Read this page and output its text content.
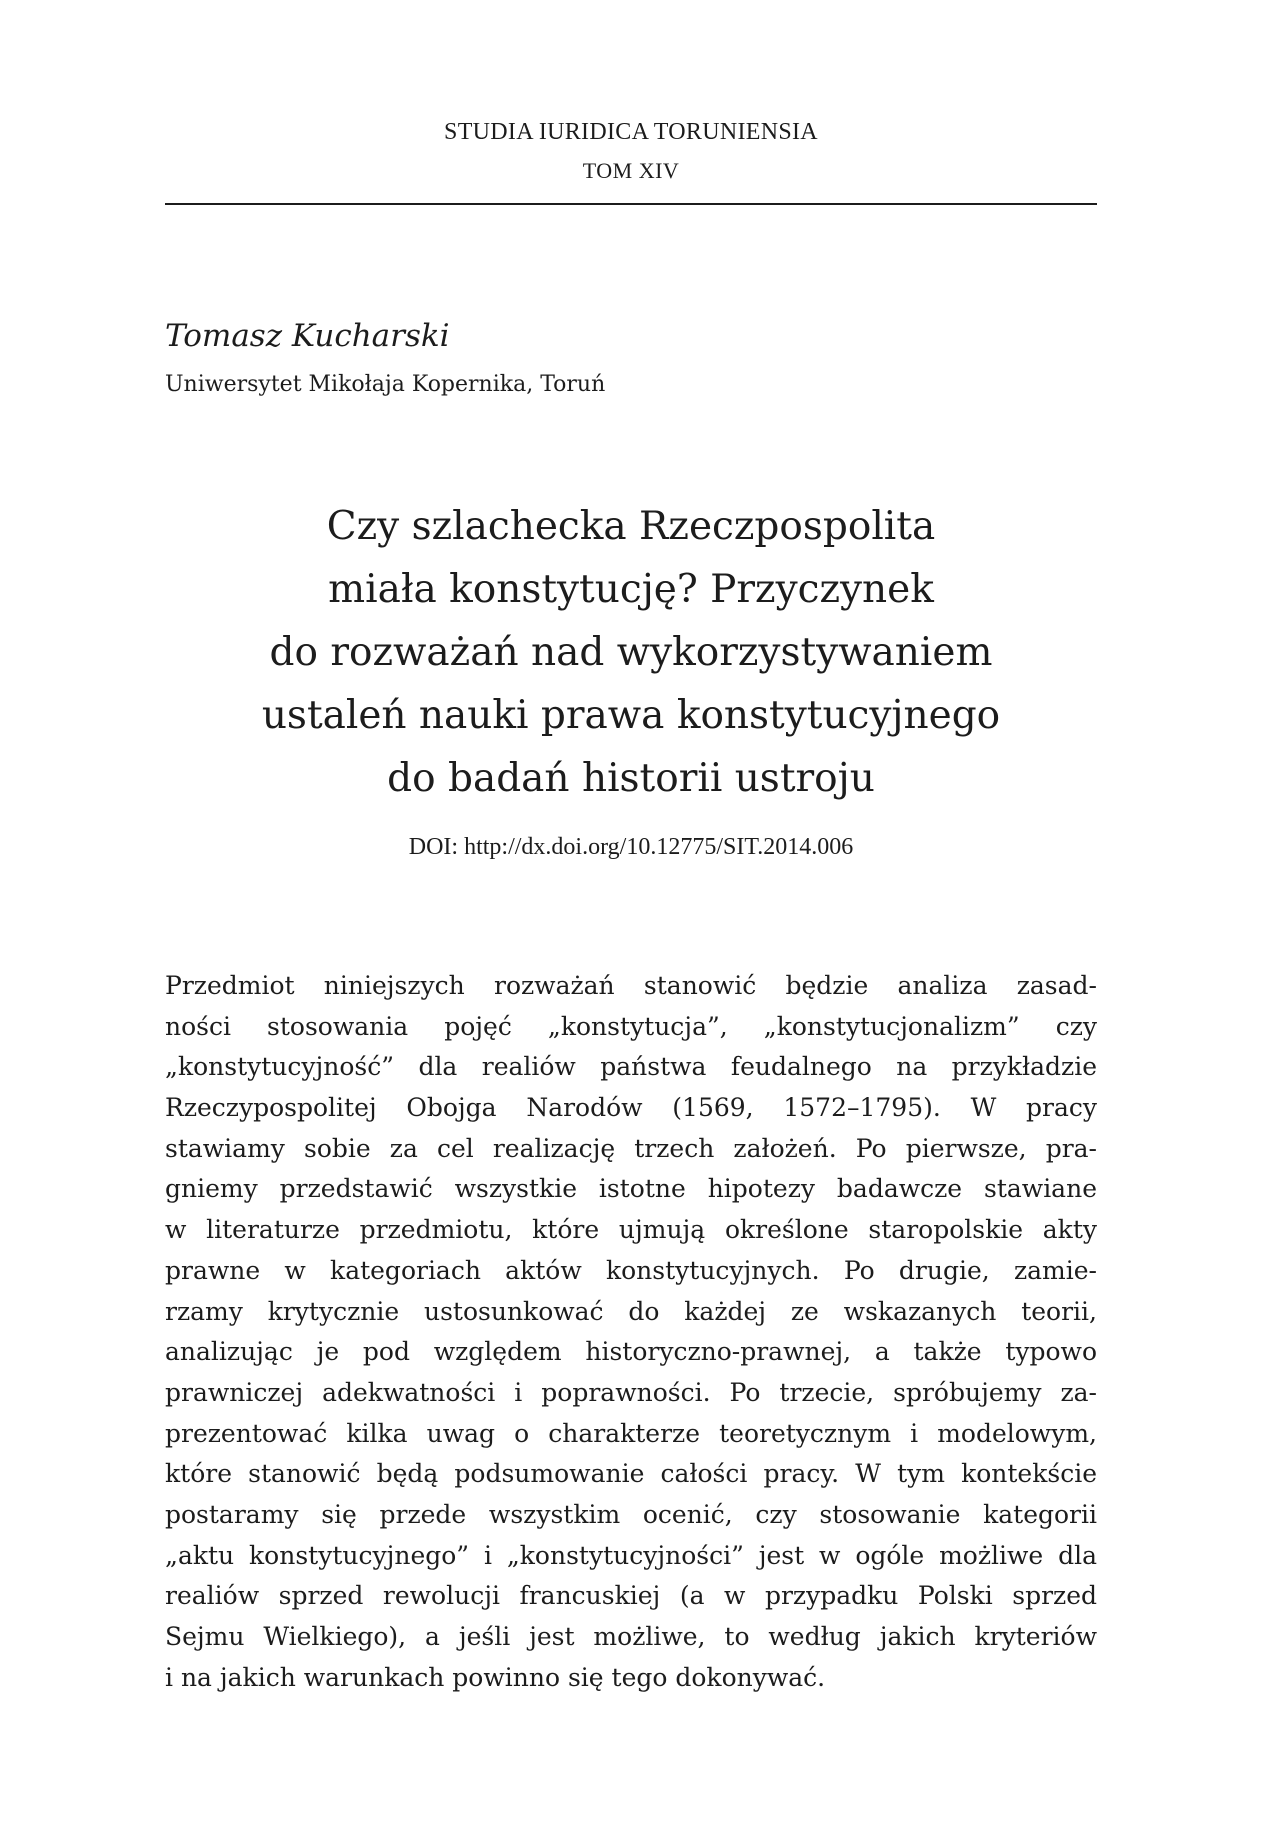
STUDIA IURIDICA TORUNIENSIA
TOM XIV
Tomasz Kucharski
Uniwersytet Mikołaja Kopernika, Toruń
Czy szlachecka Rzeczpospolita
miała konstytucję? Przyczynek
do rozważań nad wykorzystywaniem
ustaleń nauki prawa konstytucyjnego
do badań historii ustroju
DOI: http://dx.doi.org/10.12775/SIT.2014.006
Przedmiot niniejszych rozważań stanowić będzie analiza zasad-
ności stosowania pojęć „konstytucja”, „konstytucjonalizm” czy
„konstytucyjność” dla realiów państwa feudalnego na przykładzie
Rzeczypospolitej Obojga Narodów (1569, 1572–1795). W pracy
stawiamy sobie za cel realizację trzech założeń. Po pierwsze, pra-
gniemy przedstawić wszystkie istotne hipotezy badawcze stawiane
w literaturze przedmiotu, które ujmują określone staropolskie akty
prawne w kategoriach aktów konstytucyjnych. Po drugie, zamie-
rzamy krytycznie ustosunkować do każdej ze wskazanych teorii,
analizując je pod względem historyczno-prawnej, a także typowo
prawniczej adekwatności i poprawności. Po trzecie, spróbujemy za-
prezentować kilka uwag o charakterze teoretycznym i modelowym,
które stanowić będą podsumowanie całości pracy. W tym kontekście
postaramy się przede wszystkim ocenić, czy stosowanie kategorii
„aktu konstytucyjnego” i „konstytucyjności” jest w ogóle możliwe dla
realiów sprzed rewolucji francuskiej (a w przypadku Polski sprzed
Sejmu Wielkiego), a jeśli jest możliwe, to według jakich kryteriów
i na jakich warunkach powinno się tego dokonywać.
